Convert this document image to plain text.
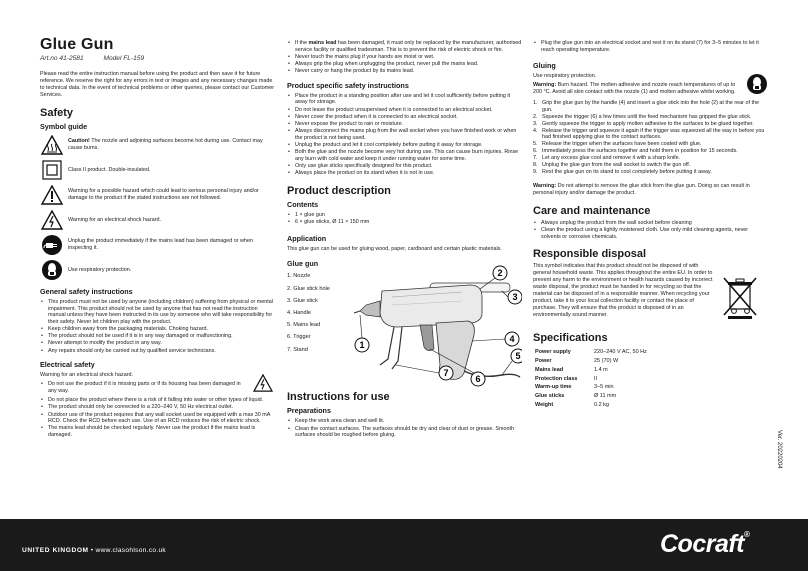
Glue Gun
Art.no 41-2581	Model FL-159

Please read the entire instruction manual before using the product and then save it for future reference. We reserve the right for any errors in text or images and any necessary changes made to technical data. In the event of technical problems or other queries, please contact our Customer Services.

Safety
Symbol guide

Caution! The nozzle and adjoining surfaces become hot during use. Contact may cause burns.

Class II product. Double-insulated.

Warning for a possible hazard which could lead to serious personal injury and/or damage to the product if the stated instructions are not followed.

Warning for an electrical shock hazard.

Unplug the product immediately if the mains lead has been damaged or when inspecting it.

Use respiratory protection.

General safety instructions
• This product must not be used by anyone (including children) suffering from physical or mental impairment. This product should not be used by anyone that has not read the instruction manual unless they have been instructed in its use by someone who will take responsibility for their safety. Never let children play with the product.
• Keep children away from the packaging materials. Choking hazard.
• The product should not be used if it is in any way damaged or malfunctioning.
• Never attempt to modify the product in any way.
• Any repairs should only be carried out by qualified service technicians.
Electrical safety

Warning for an electrical shock hazard.

• Do not use the product if it is missing parts or if its housing has been damaged in any way.
• Do not place the product where there is a risk of it falling into water or other types of liquid.
• The product should only be connected to a 220–240 V, 50 Hz electrical outlet.
• Outdoor use of the product requires that any wall socket used be equipped with a max 30 mA RCD. Check the RCD before each use. Use of an RCD reduces the risk of electric shock.
• The mains lead should be checked regularly. Never use the product if the mains lead is damaged.
• If the mains lead has been damaged, it must only be replaced by the manufacturer, authorised service facility or qualified tradesman. This is to prevent the risk of electric shock or fire.
• Never touch the mains plug if your hands are moist or wet.
• Always grip the plug when unplugging the product, never pull the mains lead.
• Never carry or hang the product by its mains lead.
Product specific safety instructions
• Place the product in a standing position after use and let it cool sufficiently before putting it away for storage.
• Do not leave the product unsupervised when it is connected to an electrical socket.
• Never cover the product when it is connected to an electrical socket.
• Never expose the product to rain or moisture.
• Always disconnect the mains plug from the wall socket when you have finished work or when the product is not being used.
• Unplug the product and let it cool completely before putting it away for storage.
• Both the glue and the nozzle become very hot during use. This can cause burn injuries. Rinse any burn with cold water and keep it under running water for some time.
• Only use glue sticks specifically designed for this product.
• Always place the product on its stand when it is not in use.
Product description
Contents
• 1 × glue gun
• 6 × glue sticks, Ø 11 × 150 mm
Application

This glue gun can be used for gluing wood, paper, cardboard and certain plastic materials.

Glue gun
1. Nozzle
2. Glue stick hole
3. Glue stick
4. Handle
5. Mains lead
6. Trigger
7. Stand	1
2
3
4
5
6
7
Instructions for use
Preparations
• Keep the work area clean and well lit.
• Clean the contact surfaces. The surfaces should be dry and clear of dust or grease. Smooth surfaces should be roughed before gluing.
• Plug the glue gun into an electrical socket and rest it on its stand (7) for 3–5 minutes to let it reach operating temperature.
Gluing

Use respiratory protection.

Warning: Burn hazard. The molten adhesive and nozzle reach temperatures of up to 200 °C. Avoid all skin contact with the nozzle (1) and molten adhesive whilst working.

1. Grip the glue gun by the handle (4) and insert a glue stick into the hole (2) at the rear of the gun.
2. Squeeze the trigger (6) a few times until the feed mechanism has gripped the glue stick.
3. Gently squeeze the trigger to apply molten adhesive to the surfaces to be glued together.
4. Release the trigger and squeeze it again if the trigger was squeezed all the way in before you had finished applying glue to the contact surfaces.
5. Release the trigger when the surfaces have been coated with glue.
6. Immediately press the surfaces together and hold them in position for 15 seconds.
7. Let any excess glue cool and remove it with a sharp knife.
8. Unplug the glue gun from the wall socket to switch the gun off.
9. Rest the glue gun on its stand to cool completely before putting it away.

Warning: Do not attempt to remove the glue stick from the glue gun. Doing so can result in personal injury and/or damage the product.

Care and maintenance
• Always unplug the product from the wall socket before cleaning
• Clean the product using a lightly moistened cloth. Use only mild cleaning agents, never solvents or corrosive chemicals.
Responsible disposal

This symbol indicates that this product should not be disposed of with general household waste. This applies throughout the entire EU. In order to prevent any harm to the environment or health hazards caused by incorrect waste disposal, the product must be handed in for recycling so that the material can be disposed of in a responsible manner. When recycling your product, take it to your local collection facility or contact the place of purchase. They will ensure that the product is disposed of in an environmentally sound manner.

Specifications
Power supply	220–240 V AC, 50 Hz
Power	25 (70) W
Mains lead	1.4 m
Protection class	II
Warm-up time	3–5 min
Glue sticks	Ø 11 mm
Weight	0.2 kg
Ver. 20220204
UNITED KINGDOM • www.clasohlson.co.uk	Cocraft®
